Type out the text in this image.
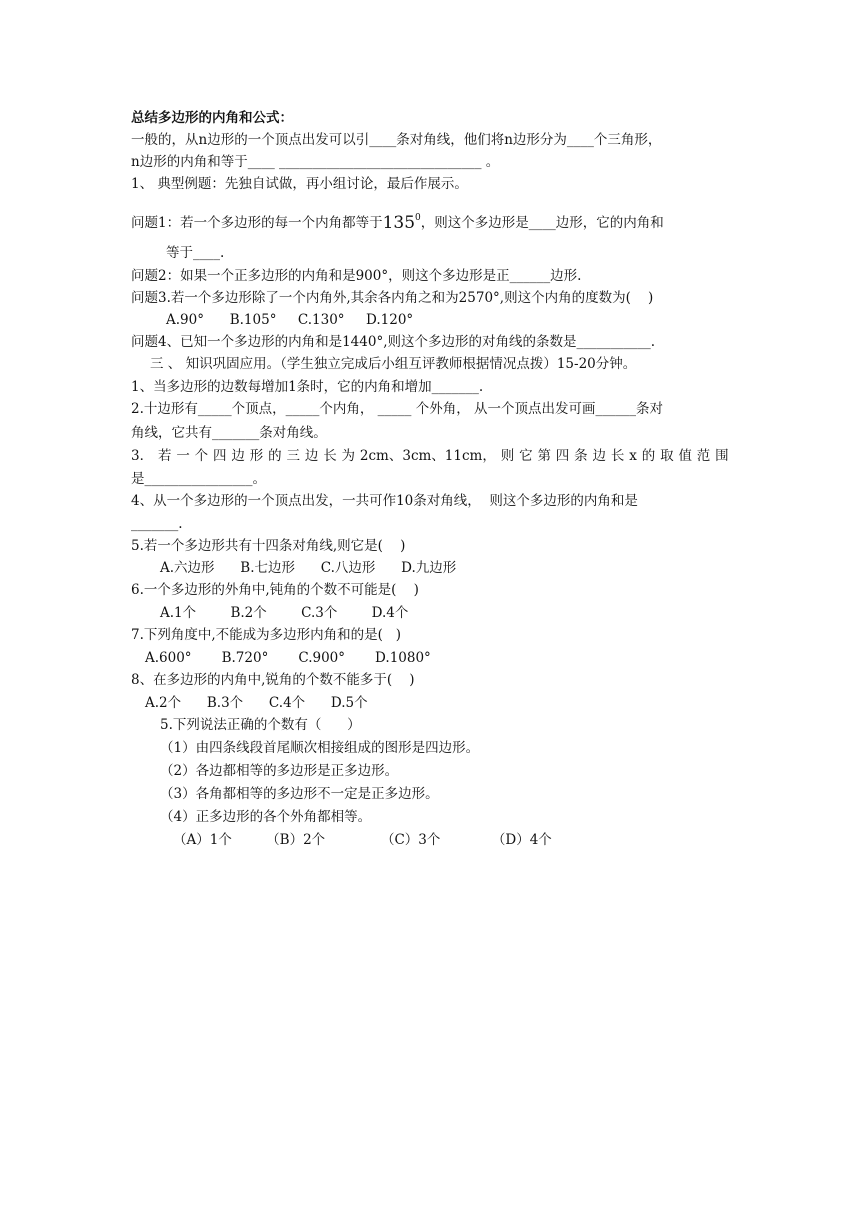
总结多边形的内角和公式：
一般的，从n边形的一个顶点出发可以引____条对角线，他们将n边形分为____个三角形，
n边形的内角和等于____ ______________________________ 。
1、 典型例题：先独自试做，再小组讨论，最后作展示。
问题1：若一个多边形的每一个内角都等于$135^0$，则这个多边形是____边形，它的内角和
等于____.
问题2：如果一个正多边形的内角和是900°，则这个多边形是正______边形.
问题3.若一个多边形除了一个内角外,其余各内角之和为2570°,则这个内角的度数为(    )
A.90°      B.105°     C.130°     D.120°
问题4、已知一个多边形的内角和是1440°,则这个多边形的对角线的条数是___________.
三 、 知识巩固应用。（学生独立完成后小组互评教师根据情况点拨）15-20分钟。
1、当多边形的边数每增加1条时，它的内角和增加_______.
2.十边形有_____个顶点，_____个内角， _____ 个外角， 从一个顶点出发可画______条对
角线，它共有_______条对角线。
3． 若 一 个 四 边 形 的 三 边 长 为 2cm、3cm、11cm， 则 它 第 四 条 边 长 x 的 取 值 范 围
是________________。
4、从一个多边形的一个顶点出发，一共可作10条对角线，  则这个多边形的内角和是
_______.
5.若一个多边形共有十四条对角线,则它是(    )
A.六边形      B.七边形      C.八边形      D.九边形
6.一个多边形的外角中,钝角的个数不可能是(    )
A.1个        B.2个        C.3个        D.4个
7.下列角度中,不能成为多边形内角和的是(   )
A.600°       B.720°       C.900°       D.1080°
8、在多边形的内角中,锐角的个数不能多于(    )
A.2个      B.3个      C.4个      D.5个
5.下列说法正确的个数有（      ）
（1）由四条线段首尾顺次相接组成的图形是四边形。
（2）各边都相等的多边形是正多边形。
（3）各角都相等的多边形不一定是正多边形。
（4）正多边形的各个外角都相等。
（A）1个        （B）2个             （C）3个            （D）4个
